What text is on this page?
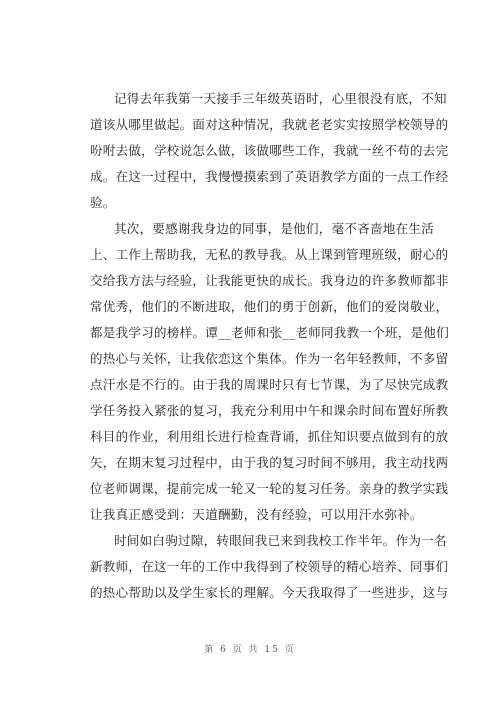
记得去年我第一天接手三年级英语时，心里很没有底，不知
道该从哪里做起。面对这种情况，我就老老实实按照学校领导的
吩咐去做，学校说怎么做，该做哪些工作，我就一丝不苟的去完
成。在这一过程中，我慢慢摸索到了英语教学方面的一点工作经
验。
其次，要感谢我身边的同事，是他们，毫不吝啬地在生活
上、工作上帮助我，无私的教导我。从上课到管理班级，耐心的
交给我方法与经验，让我能更快的成长。我身边的许多教师都非
常优秀，他们的不断进取，他们的勇于创新，他们的爱岗敬业，
都是我学习的榜样。谭__老师和张__老师同我教一个班，是他们
的热心与关怀，让我依恋这个集体。作为一名年轻教师，不多留
点汗水是不行的。由于我的周课时只有七节课，为了尽快完成教
学任务投入紧张的复习，我充分利用中午和课余时间布置好所教
科目的作业，利用组长进行检查背诵，抓住知识要点做到有的放
矢，在期末复习过程中，由于我的复习时间不够用，我主动找两
位老师调课，提前完成一轮又一轮的复习任务。亲身的教学实践
让我真正感受到：天道酬勤，没有经验，可以用汗水弥补。
时间如白驹过隙，转眼间我已来到我校工作半年。作为一名
新教师，在这一年的工作中我得到了校领导的精心培养、同事们
的热心帮助以及学生家长的理解。今天我取得了一些进步，这与
第 6 页 共 15 页
